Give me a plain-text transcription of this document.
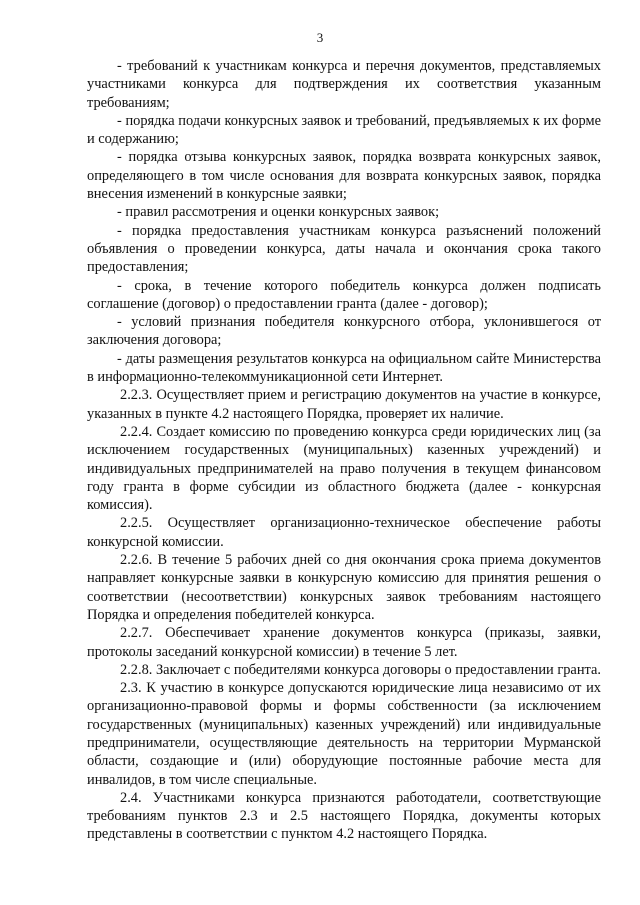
3

- требований к участникам конкурса и перечня документов, представляемых участниками конкурса для подтверждения их соответствия указанным требованиям;

- порядка подачи конкурсных заявок и требований, предъявляемых к их форме и содержанию;

- порядка отзыва конкурсных заявок, порядка возврата конкурсных заявок, определяющего в том числе основания для возврата конкурсных заявок, порядка внесения изменений в конкурсные заявки;

- правил рассмотрения и оценки конкурсных заявок;

- порядка предоставления участникам конкурса разъяснений положений объявления о проведении конкурса, даты начала и окончания срока такого предоставления;

- срока, в течение которого победитель конкурса должен подписать соглашение (договор) о предоставлении гранта (далее - договор);

- условий признания победителя конкурсного отбора, уклонившегося от заключения договора;

- даты размещения результатов конкурса на официальном сайте Министерства в информационно-телекоммуникационной сети Интернет.

2.2.3. Осуществляет прием и регистрацию документов на участие в конкурсе, указанных в пункте 4.2 настоящего Порядка, проверяет их наличие.

2.2.4. Создает комиссию по проведению конкурса среди юридических лиц (за исключением государственных (муниципальных) казенных учреждений) и индивидуальных предпринимателей на право получения в текущем финансовом году гранта в форме субсидии из областного бюджета (далее - конкурсная комиссия).

2.2.5. Осуществляет организационно-техническое обеспечение работы конкурсной комиссии.

2.2.6. В течение 5 рабочих дней со дня окончания срока приема документов направляет конкурсные заявки в конкурсную комиссию для принятия решения о соответствии (несоответствии) конкурсных заявок требованиям настоящего Порядка и определения победителей конкурса.

2.2.7. Обеспечивает хранение документов конкурса (приказы, заявки, протоколы заседаний конкурсной комиссии) в течение 5 лет.

2.2.8. Заключает с победителями конкурса договоры о предоставлении гранта.

2.3. К участию в конкурсе допускаются юридические лица независимо от их организационно-правовой формы и формы собственности (за исключением государственных (муниципальных) казенных учреждений) или индивидуальные предприниматели, осуществляющие деятельность на территории Мурманской области, создающие и (или) оборудующие постоянные рабочие места для инвалидов, в том числе специальные.

2.4. Участниками конкурса признаются работодатели, соответствующие требованиям пунктов 2.3 и 2.5 настоящего Порядка, документы которых представлены в соответствии с пунктом 4.2 настоящего Порядка.
